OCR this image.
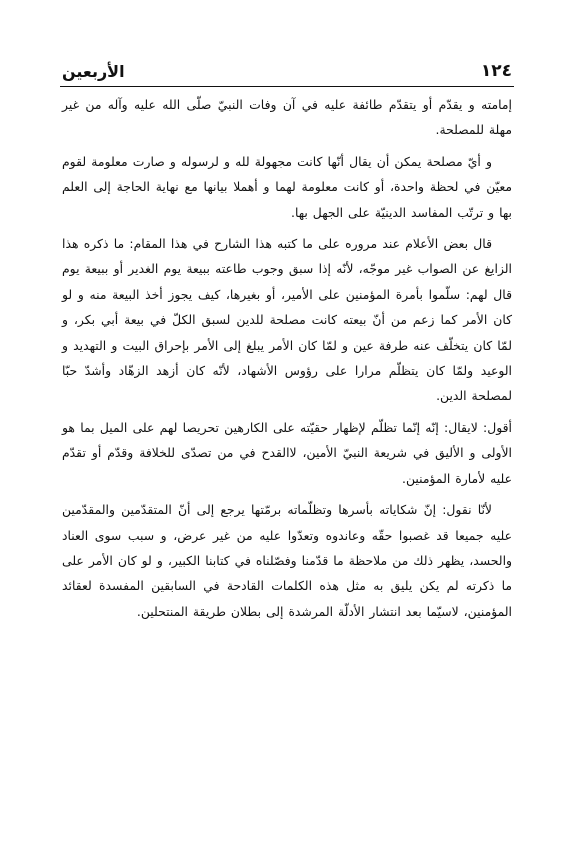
١٢٤
الأربعين

إمامته و يقدّم أو يتقدّم طائفة عليه في آن وفات النبيّ صلّى الله عليه وآله من غير مهلة للمصلحة.

و أيّ مصلحة يمكن أن يقال أنّها كانت مجهولة لله و لرسوله و صارت معلومة لقوم معيّن في لحظة واحدة، أو كانت معلومة لهما و أهملا بيانها مع نهاية الحاجة إلى العلم بها و ترتّب المفاسد الدينيّة على الجهل بها.

قال بعض الأعلام عند مروره على ما كتبه هذا الشارح في هذا المقام: ما ذكره هذا الزايغ عن الصواب غير موجّه، لأنّه إذا سبق وجوب طاعته ببيعة يوم الغدير أو ببيعة يوم قال لهم: سلّموا بأمرة المؤمنين على الأمير، أو بغيرها، كيف يجوز أخذ البيعة منه و لو كان الأمر كما زعم من أنّ بيعته كانت مصلحة للدين لسبق الكلّ في بيعة أبي بكر، و لمّا كان يتخلّف عنه طرفة عين و لمّا كان الأمر يبلغ إلى الأمر بإحراق البيت و التهديد و الوعيد ولمّا كان يتظلّم مرارا على رؤوس الأشهاد، لأنّه كان أزهد الزهّاد وأشدّ حبّا لمصلحة الدين.

أقول: لايقال: إنّه إنّما تظلّم لإظهار حقيّته على الكارهين تحريصا لهم على الميل بما هو الأولى و الأليق في شريعة النبيّ الأمين، لاالقدح في من تصدّى للخلافة وقدّم أو تقدّم عليه لأمارة المؤمنين.

لأنّا نقول: إنّ شكاياته بأسرها وتظلّماته برمّتها يرجع إلى أنّ المتقدّمين والمقدّمين عليه جميعا قد غصبوا حقّه وعاندوه وتعدّوا عليه من غير عرض، و سبب سوى العناد والحسد، يظهر ذلك من ملاحظة ما قدّمنا وفصّلناه في كتابنا الكبير، و لو كان الأمر على ما ذكرته لم يكن يليق به مثل هذه الكلمات القادحة في السابقين المفسدة لعقائد المؤمنين، لاسيّما بعد انتشار الأدلّة المرشدة إلى بطلان طريقة المنتحلين.
